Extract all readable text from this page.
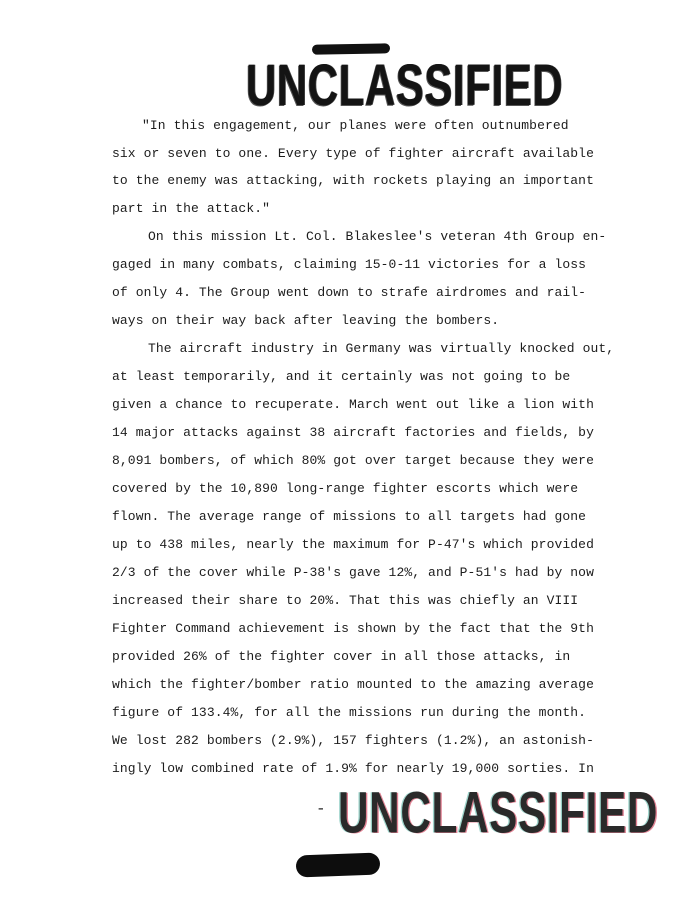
UNCLASSIFIED
"In this engagement, our planes were often outnumbered
six or seven to one. Every type of fighter aircraft available
to the enemy was attacking, with rockets playing an important
part in the attack."
On this mission Lt. Col. Blakeslee's veteran 4th Group en-
gaged in many combats, claiming 15-0-11 victories for a loss
of only 4. The Group went down to strafe airdromes and rail-
ways on their way back after leaving the bombers.
The aircraft industry in Germany was virtually knocked out,
at least temporarily, and it certainly was not going to be
given a chance to recuperate. March went out like a lion with
14 major attacks against 38 aircraft factories and fields, by
8,091 bombers, of which 80% got over target because they were
covered by the 10,890 long-range fighter escorts which were
flown. The average range of missions to all targets had gone
up to 438 miles, nearly the maximum for P-47's which provided
2/3 of the cover while P-38's gave 12%, and P-51's had by now
increased their share to 20%. That this was chiefly an VIII
Fighter Command achievement is shown by the fact that the 9th
provided 26% of the fighter cover in all those attacks, in
which the fighter/bomber ratio mounted to the amazing average
figure of 133.4%, for all the missions run during the month.
We lost 282 bombers (2.9%), 157 fighters (1.2%), an astonish-
ingly low combined rate of 1.9% for nearly 19,000 sorties. In
- UNCLASSIFIED
